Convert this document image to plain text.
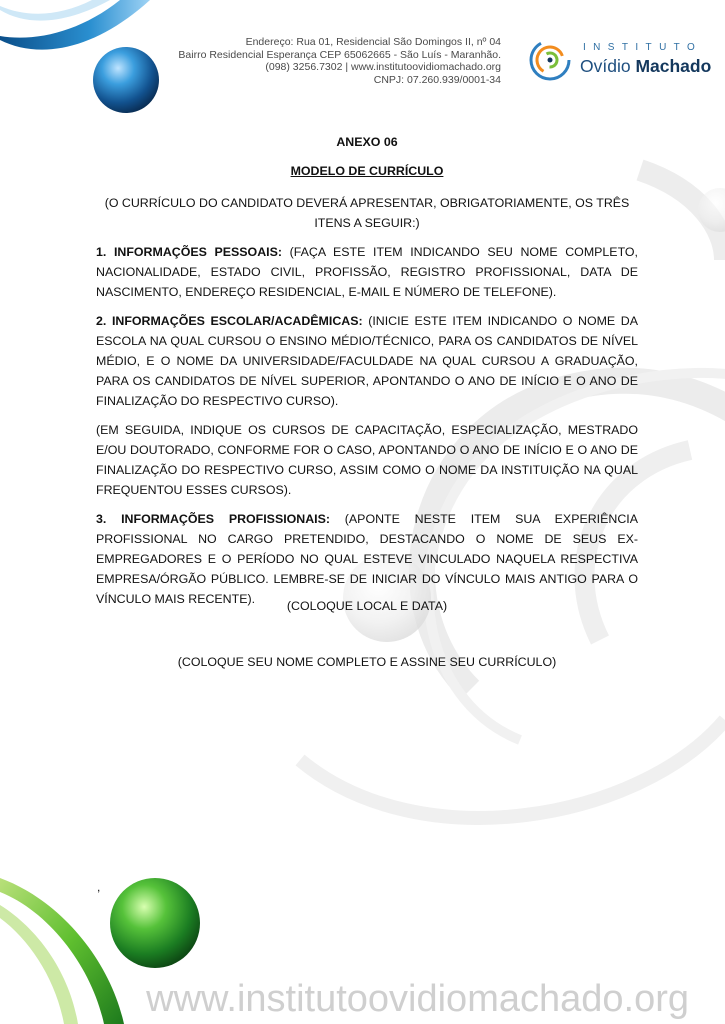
Endereço: Rua 01, Residencial São Domingos II, nº 04
Bairro Residencial Esperança CEP 65062665 - São Luís - Maranhão.
(098) 3256.7302 | www.institutoovidiomachado.org
CNPJ: 07.260.939/0001-34
INSTITUTO
Ovídio Machado
ANEXO 06
MODELO DE CURRÍCULO
(O CURRÍCULO DO CANDIDATO DEVERÁ APRESENTAR, OBRIGATORIAMENTE, OS TRÊS ITENS A SEGUIR:)
1. INFORMAÇÕES PESSOAIS: (FAÇA ESTE ITEM INDICANDO SEU NOME COMPLETO, NACIONALIDADE, ESTADO CIVIL, PROFISSÃO, REGISTRO PROFISSIONAL, DATA DE NASCIMENTO, ENDEREÇO RESIDENCIAL, E-MAIL E NÚMERO DE TELEFONE).
2. INFORMAÇÕES ESCOLAR/ACADÊMICAS: (INICIE ESTE ITEM INDICANDO O NOME DA ESCOLA NA QUAL CURSOU O ENSINO MÉDIO/TÉCNICO, PARA OS CANDIDATOS DE NÍVEL MÉDIO, E O NOME DA UNIVERSIDADE/FACULDADE NA QUAL CURSOU A GRADUAÇÃO, PARA OS CANDIDATOS DE NÍVEL SUPERIOR, APONTANDO O ANO DE INÍCIO E O ANO DE FINALIZAÇÃO DO RESPECTIVO CURSO).
(EM SEGUIDA, INDIQUE OS CURSOS DE CAPACITAÇÃO, ESPECIALIZAÇÃO, MESTRADO E/OU DOUTORADO, CONFORME FOR O CASO, APONTANDO O ANO DE INÍCIO E O ANO DE FINALIZAÇÃO DO RESPECTIVO CURSO, ASSIM COMO O NOME DA INSTITUIÇÃO NA QUAL FREQUENTOU ESSES CURSOS).
3. INFORMAÇÕES PROFISSIONAIS: (APONTE NESTE ITEM SUA EXPERIÊNCIA PROFISSIONAL NO CARGO PRETENDIDO, DESTACANDO O NOME DE SEUS EX-EMPREGADORES E O PERÍODO NO QUAL ESTEVE VINCULADO NAQUELA RESPECTIVA EMPRESA/ÓRGÃO PÚBLICO. LEMBRE-SE DE INICIAR DO VÍNCULO MAIS ANTIGO PARA O VÍNCULO MAIS RECENTE).	(COLOQUE LOCAL E DATA)
(COLOQUE SEU NOME COMPLETO E ASSINE SEU CURRÍCULO)
,
www.institutoovidiomachado.org
